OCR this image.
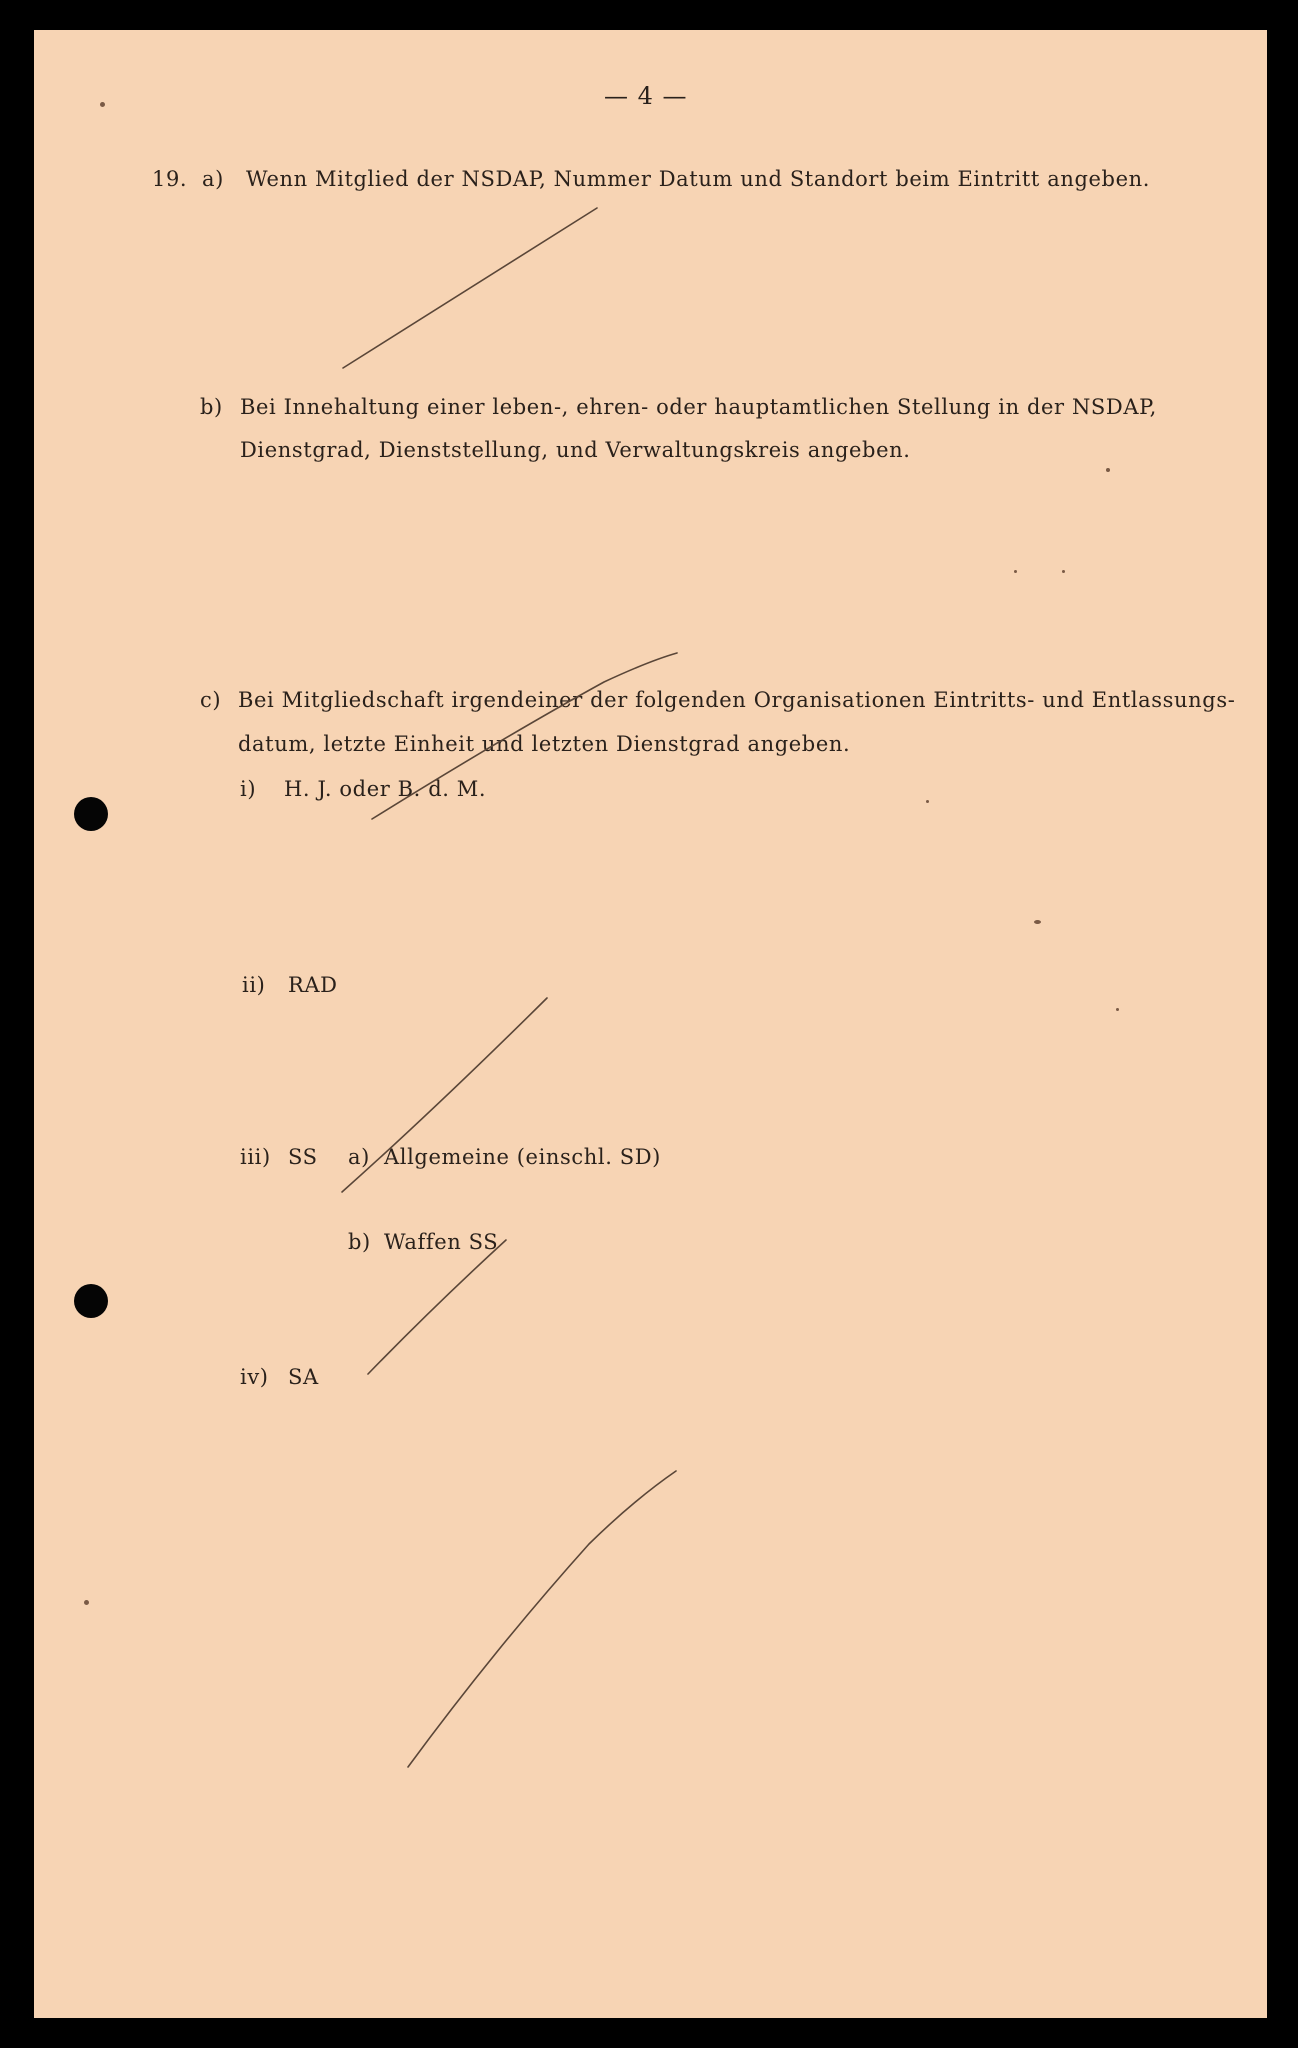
— 4 —
19. a) Wenn Mitglied der NSDAP, Nummer Datum und Standort beim Eintritt angeben.
b) Bei Innehaltung einer leben-, ehren- oder hauptamtlichen Stellung in der NSDAP,
Dienstgrad, Dienststellung, und Verwaltungskreis angeben.
c) Bei Mitgliedschaft irgendeiner der folgenden Organisationen Eintritts- und Entlassungs-
datum, letzte Einheit und letzten Dienstgrad angeben.
i) H. J. oder B. d. M.
ii) RAD
iii) SS a) Allgemeine (einschl. SD)
b) Waffen SS
iv) SA
